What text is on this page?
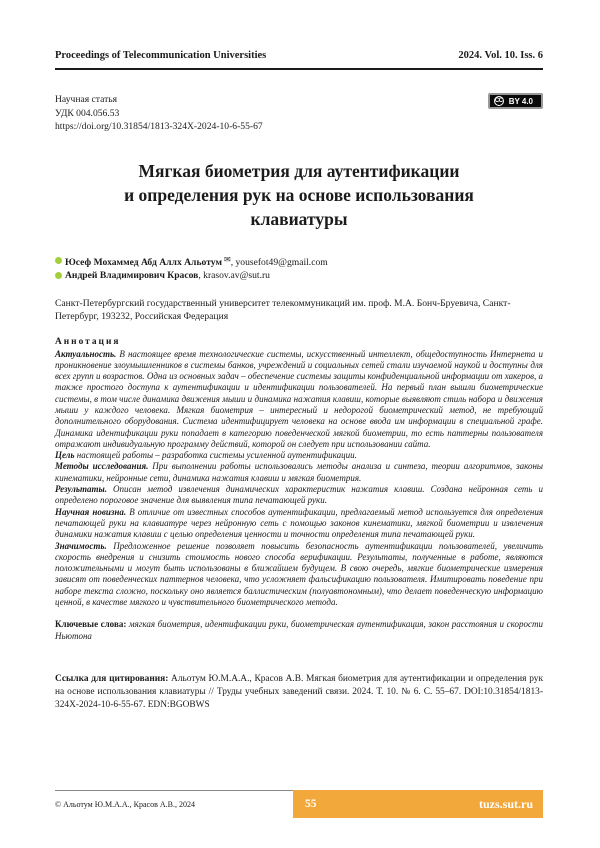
Proceedings of Telecommunication Universities	2024. Vol. 10. Iss. 6
Научная статья
УДК 004.056.53
https://doi.org/10.31854/1813-324X-2024-10-6-55-67
CC BY 4.0
Мягкая биометрия для аутентификации
и определения рук на основе использования
клавиатуры
Юсеф Мохаммед Абд Аллх Альотум ✉, yousefot49@gmail.com
Андрей Владимирович Красов, krasov.av@sut.ru
Санкт-Петербургский государственный университет телекоммуникаций им. проф. М.А. Бонч-Бруевича, Санкт-Петербург, 193232, Российская Федерация
Аннотация

Актуальность. В настоящее время технологические системы, искусственный интеллект, общедоступность Интернета и проникновение злоумышленников в системы банков, учреждений и социальных сетей стали изучаемой наукой и доступны для всех групп и возрастов. Одна из основных задач – обеспечение системы защиты конфиденциальной информации от хакеров, а также простого доступа к аутентификации и идентификации пользователей. На первый план вышли биометрические системы, в том числе динамика движения мыши и динамика нажатия клавиш, которые выявляют стиль набора и движения мыши у каждого человека. Мягкая биометрия – интересный и недорогой биометрический метод, не требующий дополнительного оборудования. Система идентифицирует человека на основе ввода им информации в специальной графе. Динамика идентификации руки попадает в категорию поведенческой мягкой биометрии, то есть паттерны пользователя отражают индивидуальную программу действий, которой он следует при использовании сайта.

Цель настоящей работы – разработка системы усиленной аутентификации.

Методы исследования. При выполнении работы использовались методы анализа и синтеза, теории алгоритмов, законы кинематики, нейронные сети, динамика нажатия клавиш и мягкая биометрия.

Результаты. Описан метод извлечения динамических характеристик нажатия клавиш. Создана нейронная сеть и определено пороговое значение для выявления типа печатающей руки.

Научная новизна. В отличие от известных способов аутентификации, предлагаемый метод используется для определения печатающей руки на клавиатуре через нейронную сеть с помощью законов кинематики, мягкой биометрии и извлечения динамики нажатия клавиш с целью определения ценности и точности определения типа печатающей руки.

Значимость. Предложенное решение позволяет повысить безопасность аутентификации пользователей, увеличить скорость внедрения и снизить стоимость нового способа верификации. Результаты, полученные в работе, являются положительными и могут быть использованы в ближайшем будущем. В свою очередь, мягкие биометрические измерения зависят от поведенческих паттернов человека, что усложняет фальсификацию пользователя. Имитировать поведение при наборе текста сложно, поскольку оно является баллистическим (полуавтономным), что делает поведенческую информацию ценной, в качестве мягкого и чувствительного биометрического метода.

Ключевые слова: мягкая биометрия, идентификации руки, биометрическая аутентификация, закон расстояния и скорости Ньютона
Ссылка для цитирования: Альотум Ю.М.А.А., Красов А.В. Мягкая биометрия для аутентификации и определения рук на основе использования клавиатуры // Труды учебных заведений связи. 2024. Т. 10. № 6. С. 55–67. DOI:10.31854/1813-324X-2024-10-6-55-67. EDN:BGOBWS
© Альотум Ю.М.А.А., Красов А.В., 2024	55	tuzs.sut.ru
